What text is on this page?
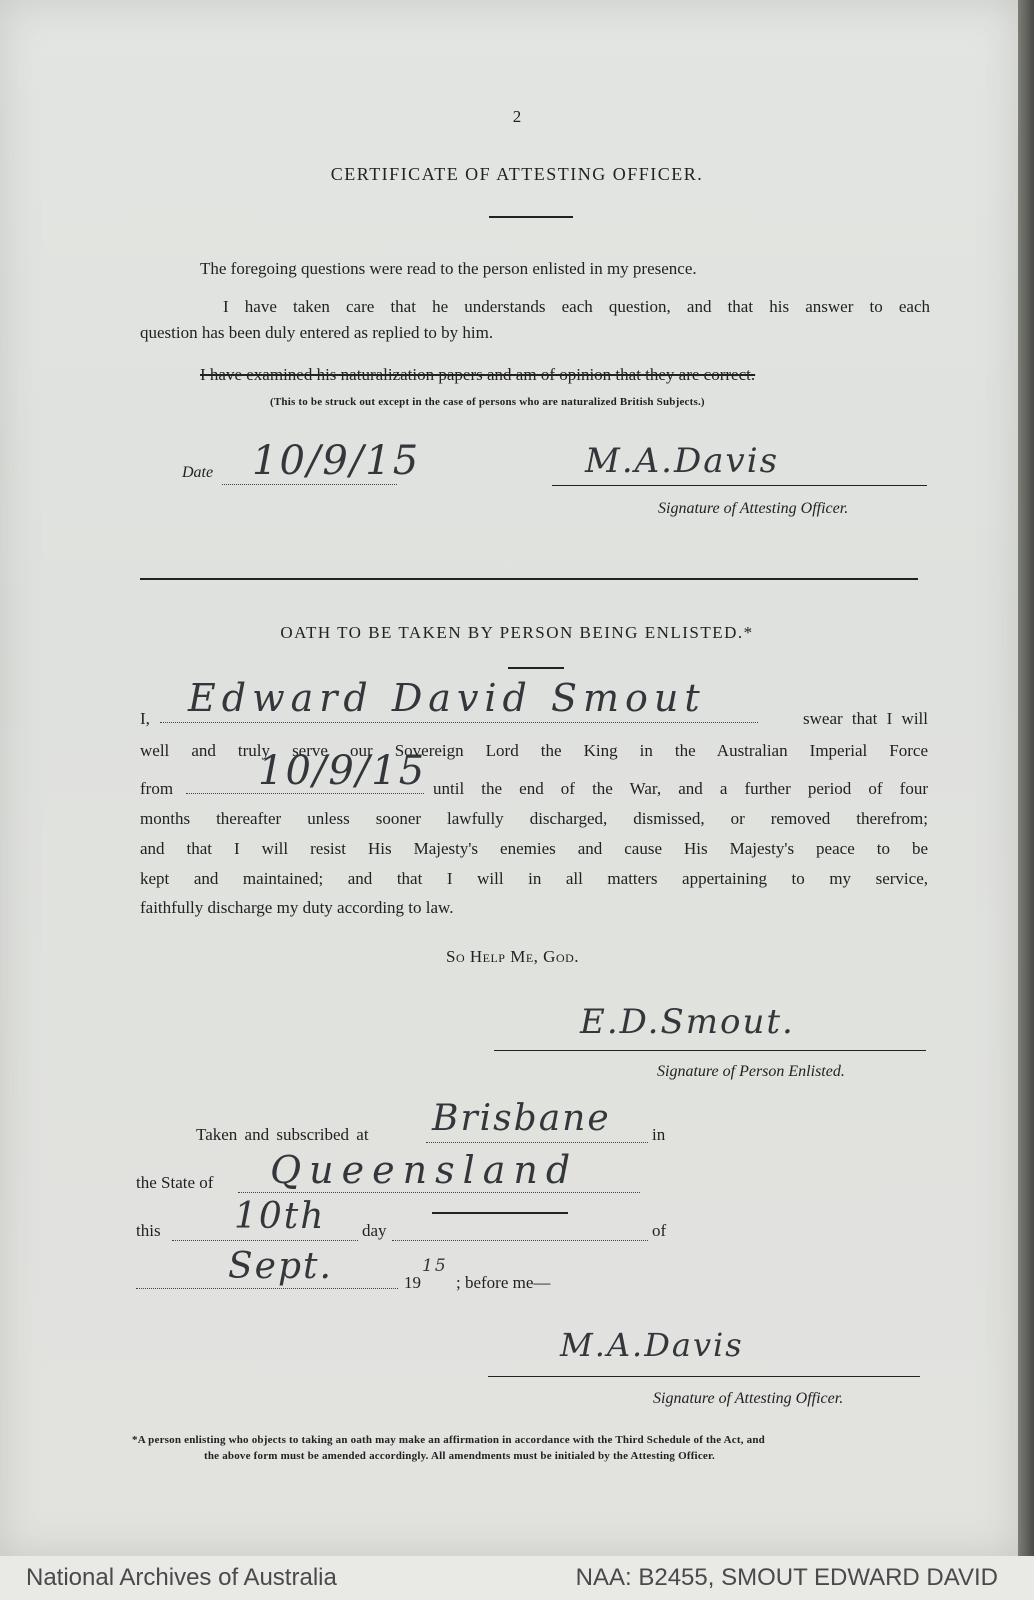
2
CERTIFICATE OF ATTESTING OFFICER.
The foregoing questions were read to the person enlisted in my presence.
I have taken care that he understands each question, and that his answer to each
question has been duly entered as replied to by him.
I have examined his naturalization papers and am of opinion that they are correct.
(This to be struck out except in the case of persons who are naturalized British Subjects.)
Date 10/9/15	M.A.Davis
Signature of Attesting Officer.
OATH TO BE TAKEN BY PERSON BEING ENLISTED.*
I, Edward David Smout	swear that I will
well and truly serve our Sovereign Lord the King in the Australian Imperial Force
from 10/9/15 until the end of the War, and a further period of four
months thereafter unless sooner lawfully discharged, dismissed, or removed therefrom;
and that I will resist His Majesty's enemies and cause His Majesty's peace to be
kept and maintained; and that I will in all matters appertaining to my service,
faithfully discharge my duty according to law.
So Help Me, God.
E.D.Smout.
Signature of Person Enlisted.
Taken and subscribed at Brisbane in
the State of Queensland
this 10th day	of
Sept.	19
15
; before me—
M.A.Davis
Signature of Attesting Officer.
*A person enlisting who objects to taking an oath may make an affirmation in accordance with the Third Schedule of the Act, and
the above form must be amended accordingly. All amendments must be initialed by the Attesting Officer.
National Archives of Australia	NAA: B2455, SMOUT EDWARD DAVID
